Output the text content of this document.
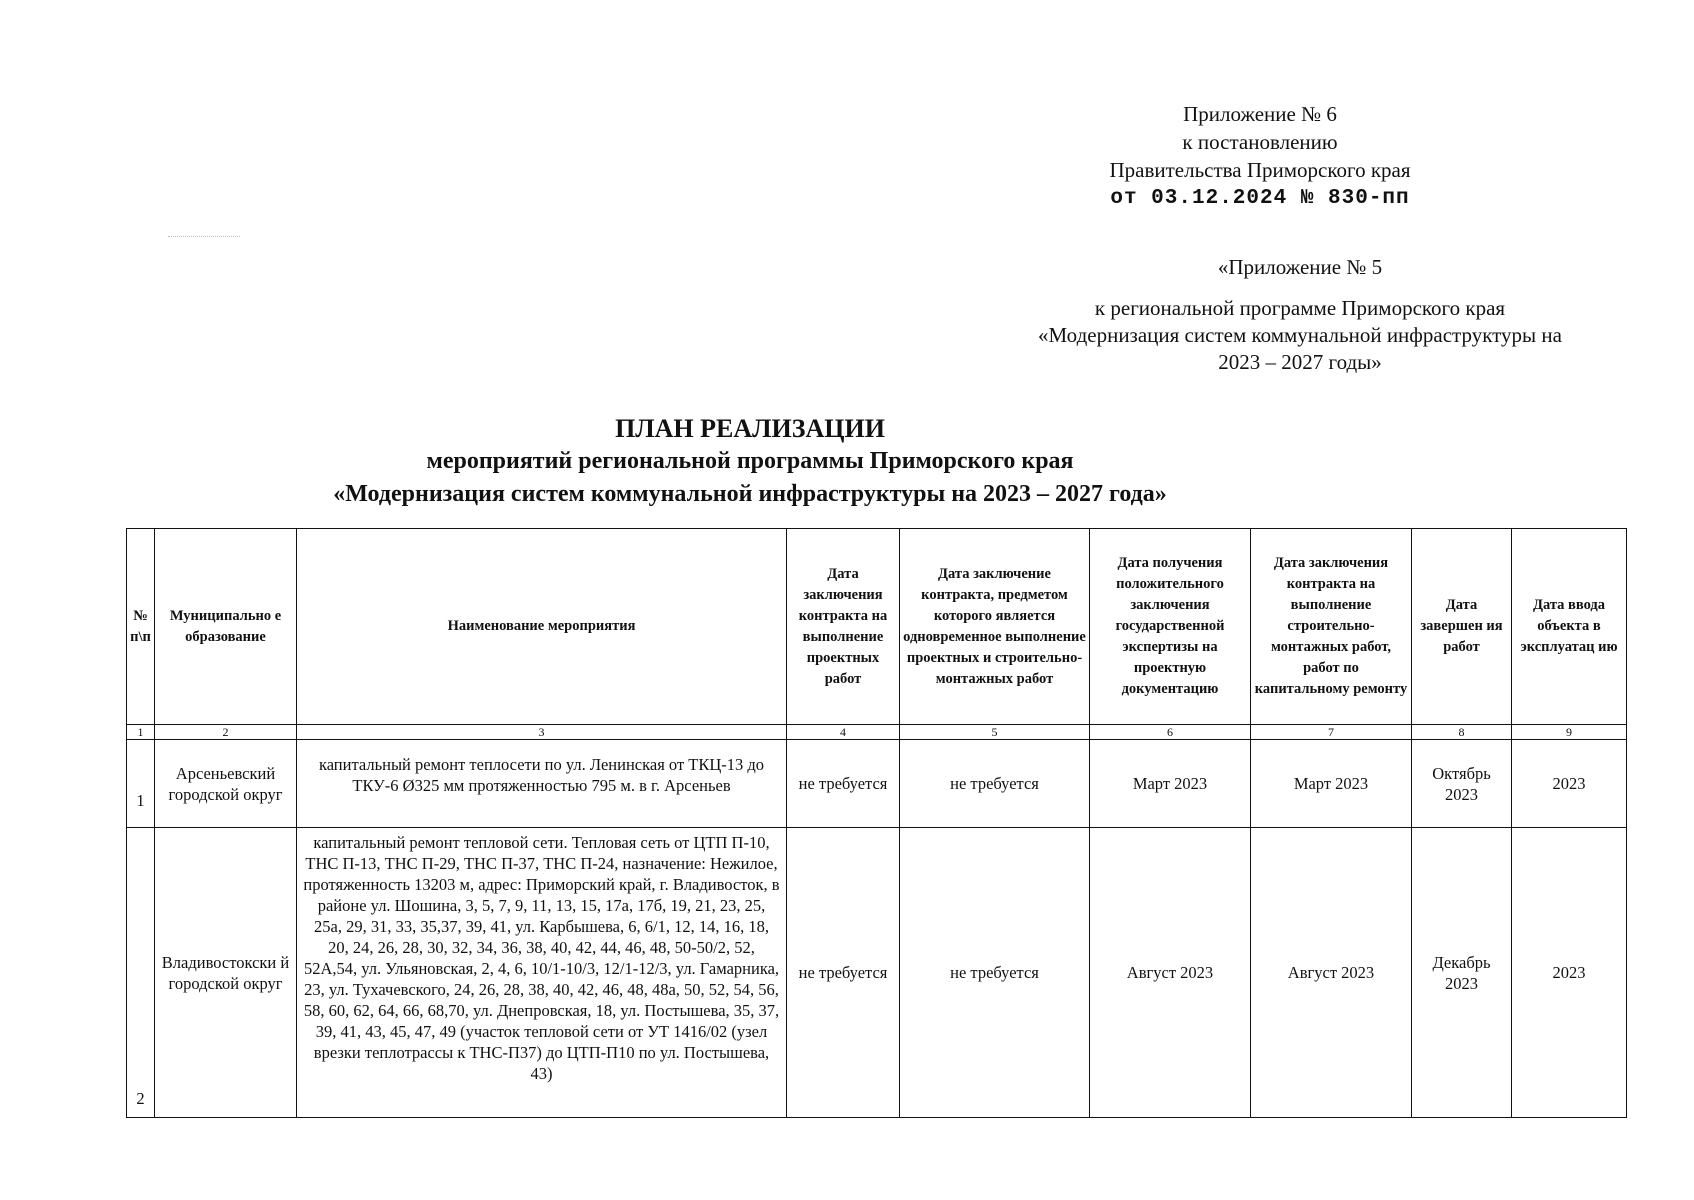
Приложение № 6
к постановлению
Правительства Приморского края
от 03.12.2024 № 830-пп
«Приложение № 5
к региональной программе Приморского края
«Модернизация систем коммунальной инфраструктуры на
2023 – 2027 годы»
ПЛАН РЕАЛИЗАЦИИ
мероприятий региональной программы Приморского края
«Модернизация систем коммунальной инфраструктуры на 2023 – 2027 года»
№ п\п	Муниципально е образование	Наименование мероприятия	Дата заключения контракта на выполнение проектных работ	Дата заключение контракта, предметом которого является одновременное выполнение проектных и строительно-монтажных работ	Дата получения положительного заключения государственной экспертизы на проектную документацию	Дата заключения контракта на выполнение строительно-монтажных работ, работ по капитальному ремонту	Дата завершен ия работ	Дата ввода объекта в эксплуатац ию
1	2	3	4	5	6	7	8	9
1	Арсеньевский городской округ	капитальный ремонт теплосети по ул. Ленинская от ТКЦ-13 до ТКУ-6 Ø325 мм протяженностью 795 м. в г. Арсеньев	не требуется	не требуется	Март 2023	Март 2023	Октябрь 2023	2023
2	Владивостокски й городской округ	капитальный ремонт тепловой сети. Тепловая сеть от ЦТП П-10, ТНС П-13, ТНС П-29, ТНС П-37, ТНС П-24, назначение: Нежилое, протяженность 13203 м, адрес: Приморский край, г. Владивосток, в районе ул. Шошина, 3, 5, 7, 9, 11, 13, 15, 17а, 17б, 19, 21, 23, 25, 25а, 29, 31, 33, 35,37, 39, 41, ул. Карбышева, 6, 6/1, 12, 14, 16, 18, 20, 24, 26, 28, 30, 32, 34, 36, 38, 40, 42, 44, 46, 48, 50-50/2, 52, 52А,54, ул. Ульяновская, 2, 4, 6, 10/1-10/3, 12/1-12/3, ул. Гамарника, 23, ул. Тухачевского, 24, 26, 28, 38, 40, 42, 46, 48, 48а, 50, 52, 54, 56, 58, 60, 62, 64, 66, 68,70, ул. Днепровская, 18, ул. Постышева, 35, 37, 39, 41, 43, 45, 47, 49 (участок тепловой сети от УТ 1416/02 (узел врезки теплотрассы к ТНС-П37) до ЦТП-П10 по ул. Постышева, 43)	не требуется	не требуется	Август 2023	Август 2023	Декабрь 2023	2023
